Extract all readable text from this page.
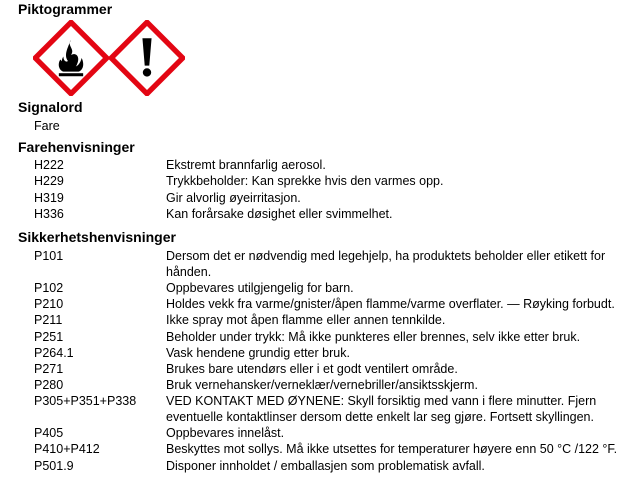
Piktogrammer
Signalord
Fare
Farehenvisninger
H222	Ekstremt brannfarlig aerosol.
H229	Trykkbeholder: Kan sprekke hvis den varmes opp.
H319	Gir alvorlig øyeirritasjon.
H336	Kan forårsake døsighet eller svimmelhet.
Sikkerhetshenvisninger
P101	Dersom det er nødvendig med legehjelp, ha produktets beholder eller etikett for
hånden.
P102	Oppbevares utilgjengelig for barn.
P210	Holdes vekk fra varme/gnister/åpen flamme/varme overflater. — Røyking forbudt.
P211	Ikke spray mot åpen flamme eller annen tennkilde.
P251	Beholder under trykk: Må ikke punkteres eller brennes, selv ikke etter bruk.
P264.1	Vask hendene grundig etter bruk.
P271	Brukes bare utendørs eller i et godt ventilert område.
P280	Bruk vernehansker/verneklær/vernebriller/ansiktsskjerm.
P305+P351+P338 VED KONTAKT MED ØYNENE: Skyll forsiktig med vann i flere minutter. Fjern
eventuelle kontaktlinser dersom dette enkelt lar seg gjøre. Fortsett skyllingen.
P405	Oppbevares innelåst.
P410+P412	Beskyttes mot sollys. Må ikke utsettes for temperaturer høyere enn 50 °C /122 °F.
P501.9	Disponer innholdet / emballasjen som problematisk avfall.
